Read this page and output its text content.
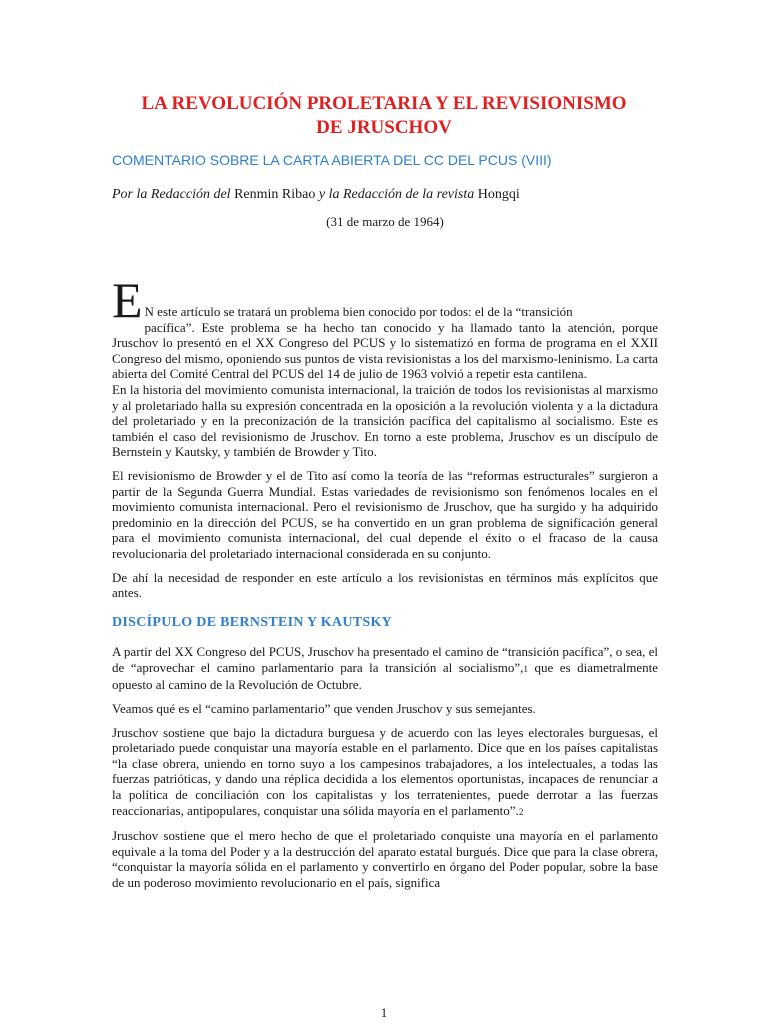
LA REVOLUCIÓN PROLETARIA Y EL REVISIONISMO
DE JRUSCHOV
COMENTARIO SOBRE LA CARTA ABIERTA DEL CC DEL PCUS (VIII)
Por la Redacción del Renmin Ribao y la Redacción de la revista Hongqi
(31 de marzo de 1964)

E N este artículo se tratará un problema bien conocido por todos: el de la “transición
pacífica”. Este problema se ha hecho tan conocido y ha llamado tanto la atención, porque Jruschov lo presentó en el XX Congreso del PCUS y lo sistematizó en forma de programa en el XXII Congreso del mismo, oponiendo sus puntos de vista revisionistas a los del marxismo-leninismo. La carta abierta del Comité Central del PCUS del 14 de julio de 1963 volvió a repetir esta cantilena.

En la historia del movimiento comunista internacional, la traición de todos los revisionistas al marxismo y al proletariado halla su expresión concentrada en la oposición a la revolución violenta y a la dictadura del proletariado y en la preconización de la transición pacífica del capitalismo al socialismo. Este es también el caso del revisionismo de Jruschov. En torno a este problema, Jruschov es un discípulo de Bernstein y Kautsky, y también de Browder y Tito.

El revisionismo de Browder y el de Tito así como la teoría de las “reformas estructurales” surgieron a partir de la Segunda Guerra Mundial. Estas variedades de revisionismo son fenómenos locales en el movimiento comunista internacional. Pero el revisionismo de Jruschov, que ha surgido y ha adquirido predominio en la dirección del PCUS, se ha convertido en un gran problema de significación general para el movimiento comunista internacional, del cual depende el éxito o el fracaso de la causa revolucionaria del proletariado internacional considerada en su conjunto.

De ahí la necesidad de responder en este artículo a los revisionistas en términos más explícitos que antes.

DISCÍPULO DE BERNSTEIN Y KAUTSKY

A partir del XX Congreso del PCUS, Jruschov ha presentado el camino de “transición pacífica”, o sea, el de “aprovechar el camino parlamentario para la transición al socialismo”,1 que es diametralmente opuesto al camino de la Revolución de Octubre.

Veamos qué es el “camino parlamentario” que venden Jruschov y sus semejantes.

Jruschov sostiene que bajo la dictadura burguesa y de acuerdo con las leyes electorales burguesas, el proletariado puede conquistar una mayoría estable en el parlamento. Dice que en los países capitalistas “la clase obrera, uniendo en torno suyo a los campesinos trabajadores, a los intelectuales, a todas las fuerzas patrióticas, y dando una réplica decidida a los elementos oportunistas, incapaces de renunciar a la política de conciliación con los capitalistas y los terratenientes, puede derrotar a las fuerzas reaccionarias, antipopulares, conquistar una sólida mayoría en el parlamento”.2

Jruschov sostiene que el mero hecho de que el proletariado conquiste una mayoría en el parlamento equivale a la toma del Poder y a la destrucción del aparato estatal burgués. Dice que para la clase obrera, “conquistar la mayoría sólida en el parlamento y convertirlo en órgano del Poder popular, sobre la base de un poderoso movimiento revolucionario en el país, significa

1
